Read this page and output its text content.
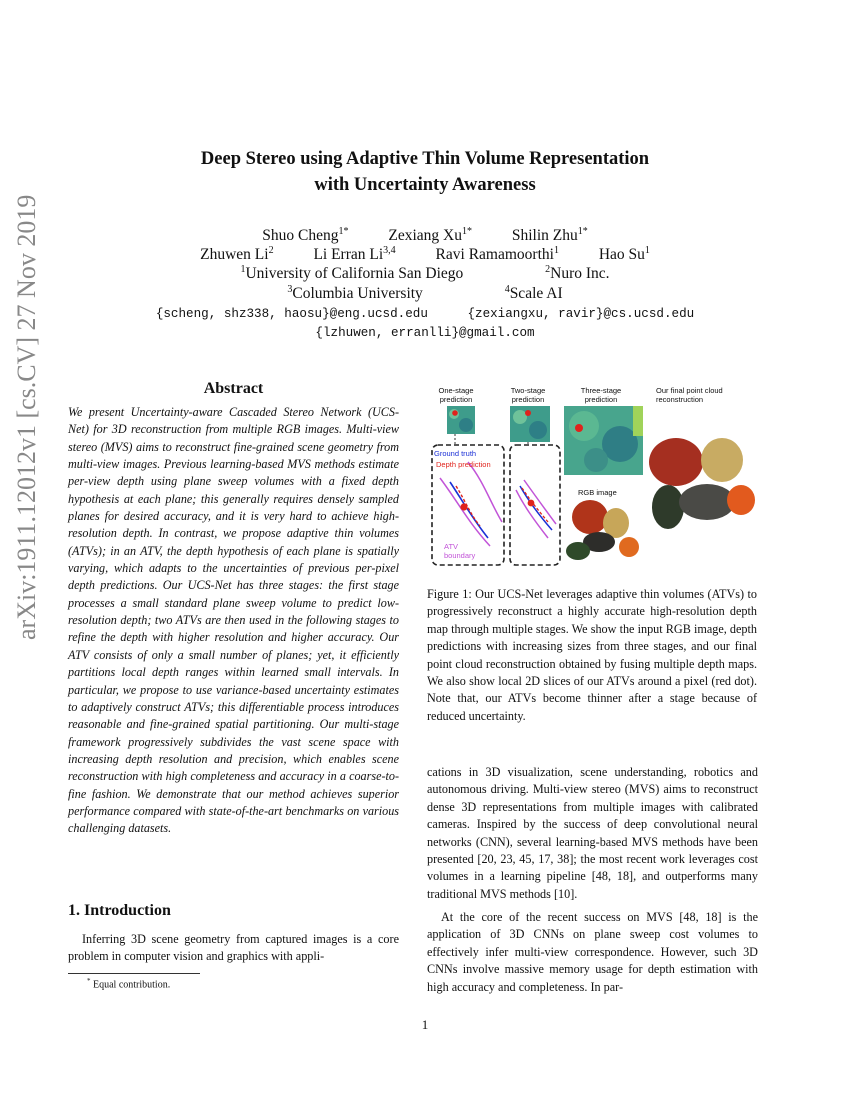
Deep Stereo using Adaptive Thin Volume Representation
with Uncertainty Awareness
Shuo Cheng$^{1*}$	Zexiang $Xu^{1*}$	Shilin Zhu$^{1*}$
Zhuwen Li$^2$	Li Erran Li$^{3,4}$	Ravi Ramamoorthi$^1$	Hao Su$^1$
$^1$University of California San Diego	$^2$Nuro Inc.
$^3$Columbia University	$^4$Scale AI
{scheng, shz338, haosu}@eng.ucsd.edu	{zexiangxu, ravir}@cs.ucsd.edu
{lzhuwen, erranlli}@gmail.com
arXiv:1911.12012v1 [cs.CV] 27 Nov 2019	Abstract
We present Uncertainty-aware Cascaded Stereo Network (UCS-Net) for 3D reconstruction from multiple RGB images. Multi-view stereo (MVS) aims to reconstruct fine-grained scene geometry from multi-view images. Previous learning-based MVS methods estimate per-view depth using plane sweep volumes with a fixed depth hypothesis at each plane; this generally requires densely sampled planes for desired accuracy, and it is very hard to achieve high-resolution depth. In contrast, we propose adaptive thin volumes (ATVs); in an ATV, the depth hypothesis of each plane is spatially varying, which adapts to the uncertainties of previous per-pixel depth predictions. Our UCS-Net has three stages: the first stage processes a small standard plane sweep volume to predict low-resolution depth; two ATVs are then used in the following stages to refine the depth with higher resolution and higher accuracy. Our ATV consists of only a small number of planes; yet, it efficiently partitions local depth ranges within learned small intervals. In particular, we propose to use variance-based uncertainty estimates to adaptively construct ATVs; this differentiable process introduces reasonable and fine-grained spatial partitioning. Our multi-stage framework progressively subdivides the vast scene space with increasing depth resolution and precision, which enables scene reconstruction with high completeness and accuracy in a coarse-to-fine fashion. We demonstrate that our method achieves superior performance compared with state-of-the-art benchmarks on various challenging datasets.
1. Introduction
Inferring 3D scene geometry from captured images is a core problem in computer vision and graphics with appli-
* Equal contribution.
One-stage prediction
Two-stage prediction
Three-stage prediction
Our final point cloud reconstruction
Ground truth
Depth prediction
ATV boundary
RGB image
Figure 1: Our UCS-Net leverages adaptive thin volumes (ATVs) to progressively reconstruct a highly accurate high-resolution depth map through multiple stages. We show the input RGB image, depth predictions with increasing sizes from three stages, and our final point cloud reconstruction obtained by fusing multiple depth maps. We also show local 2D slices of our ATVs around a pixel (red dot). Note that, our ATVs become thinner after a stage because of reduced uncertainty.
cations in 3D visualization, scene understanding, robotics and autonomous driving. Multi-view stereo (MVS) aims to reconstruct dense 3D representations from multiple images with calibrated cameras. Inspired by the success of deep convolutional neural networks (CNN), several learning-based MVS methods have been presented [20, 23, 45, 17, 38]; the most recent work leverages cost volumes in a learning pipeline [48, 18], and outperforms many traditional MVS methods [10].
At the core of the recent success on MVS [48, 18] is the application of 3D CNNs on plane sweep cost volumes to effectively infer multi-view correspondence. However, such 3D CNNs involve massive memory usage for depth estimation with high accuracy and completeness. In par-
1
